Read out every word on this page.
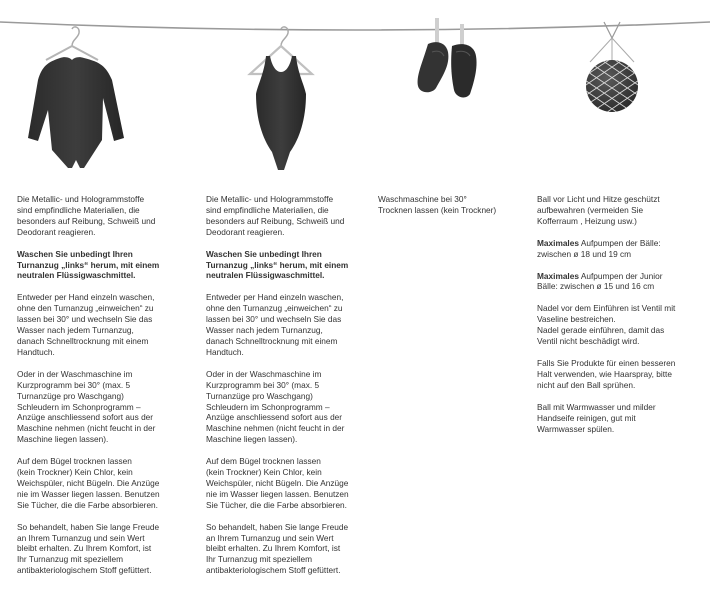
Die Metallic- und Hologrammstoffe
sind empfindliche Materialien, die
besonders auf Reibung, Schweiß und
Deodorant reagieren.

Waschen Sie unbedingt Ihren
Turnanzug „links“ herum, mit einem
neutralen Flüssigwaschmittel.

Entweder per Hand einzeln waschen,
ohne den Turnanzug „einweichen“ zu
lassen bei 30° und wechseln Sie das
Wasser nach jedem Turnanzug,
danach Schnelltrocknung mit einem
Handtuch.

Oder in der Waschmaschine im
Kurzprogramm bei 30° (max. 5
Turnanzüge pro Waschgang)
Schleudern im Schonprogramm –
Anzüge anschliessend sofort aus der
Maschine nehmen (nicht feucht in der
Maschine liegen lassen).

Auf dem Bügel trocknen lassen
(kein Trockner) Kein Chlor, kein
Weichspüler, nicht Bügeln. Die Anzüge
nie im Wasser liegen lassen. Benutzen
Sie Tücher, die die Farbe absorbieren.

So behandelt, haben Sie lange Freude
an Ihrem Turnanzug und sein Wert
bleibt erhalten. Zu Ihrem Komfort, ist
Ihr Turnanzug mit speziellem
antibakteriologischem Stoff gefüttert.

Die Metallic- und Hologrammstoffe
sind empfindliche Materialien, die
besonders auf Reibung, Schweiß und
Deodorant reagieren.

Waschen Sie unbedingt Ihren
Turnanzug „links“ herum, mit einem
neutralen Flüssigwaschmittel.

Entweder per Hand einzeln waschen,
ohne den Turnanzug „einweichen“ zu
lassen bei 30° und wechseln Sie das
Wasser nach jedem Turnanzug,
danach Schnelltrocknung mit einem
Handtuch.

Oder in der Waschmaschine im
Kurzprogramm bei 30° (max. 5
Turnanzüge pro Waschgang)
Schleudern im Schonprogramm –
Anzüge anschliessend sofort aus der
Maschine nehmen (nicht feucht in der
Maschine liegen lassen).

Auf dem Bügel trocknen lassen
(kein Trockner) Kein Chlor, kein
Weichspüler, nicht Bügeln. Die Anzüge
nie im Wasser liegen lassen. Benutzen
Sie Tücher, die die Farbe absorbieren.

So behandelt, haben Sie lange Freude
an Ihrem Turnanzug und sein Wert
bleibt erhalten. Zu Ihrem Komfort, ist
Ihr Turnanzug mit speziellem
antibakteriologischem Stoff gefüttert.

Waschmaschine bei 30°
Trocknen lassen (kein Trockner)

Ball vor Licht und Hitze geschützt
aufbewahren (vermeiden Sie
Kofferraum , Heizung usw.)

Maximales Aufpumpen der Bälle:
zwischen ø 18 und 19 cm

Maximales Aufpumpen der Junior
Bälle: zwischen ø 15 und 16 cm

Nadel vor dem Einführen ist Ventil mit
Vaseline bestreichen.
Nadel gerade einführen, damit das
Ventil nicht beschädigt wird.

Falls Sie Produkte für einen besseren
Halt verwenden, wie Haarspray, bitte
nicht auf den Ball sprühen.

Ball mit Warmwasser und milder
Handseife reinigen, gut mit
Warmwasser spülen.
